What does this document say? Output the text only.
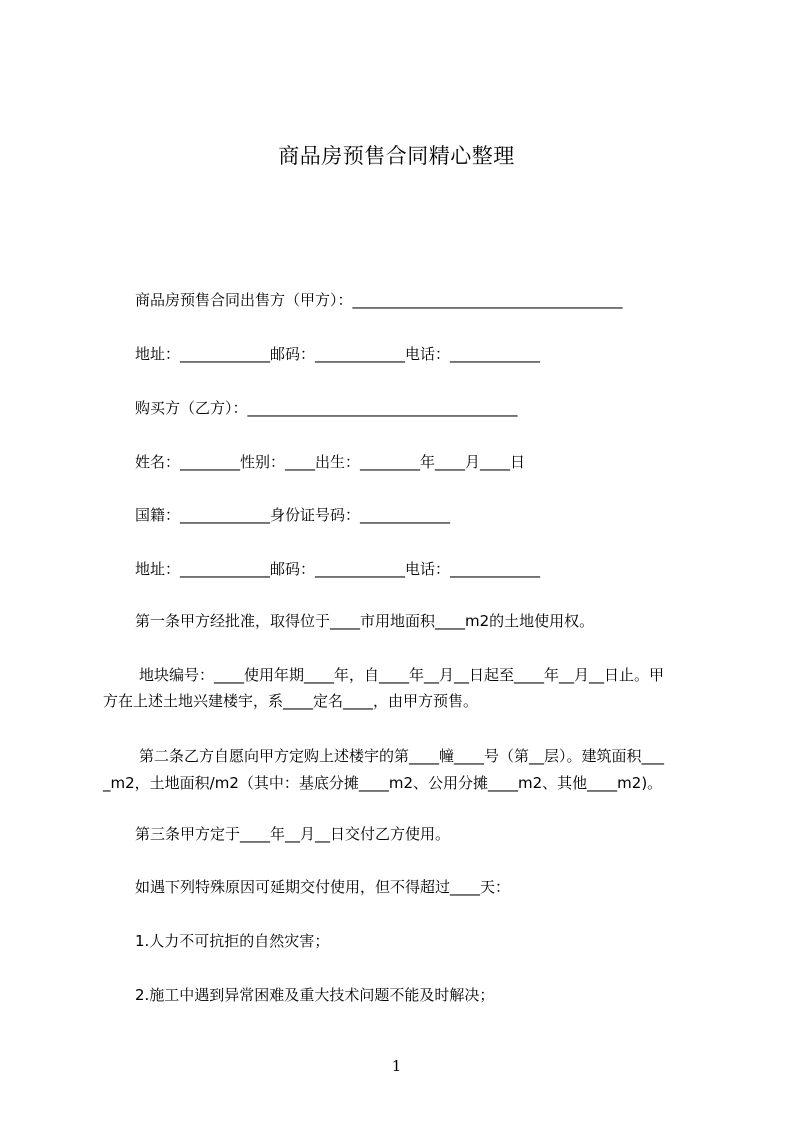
商品房预售合同精心整理
商品房预售合同出售方（甲方）：____________________________________
地址：____________邮码：____________电话：____________
购买方（乙方）：____________________________________
姓名：________性别：____出生：________年____月____日
国籍：____________身份证号码：____________
地址：____________邮码：____________电话：____________
第一条甲方经批准，取得位于____市用地面积____m2的土地使用权。
地块编号：____使用年期____年，自____年__月__日起至____年__月__日止。甲
方在上述土地兴建楼宇，系____定名____，由甲方预售。
第二条乙方自愿向甲方定购上述楼宇的第____幢____号（第__层）。建筑面积___
_m2，土地面积/m2（其中：基底分摊____m2、公用分摊____m2、其他____m2)。
第三条甲方定于____年__月__日交付乙方使用。
如遇下列特殊原因可延期交付使用，但不得超过____天：
1.人力不可抗拒的自然灾害；
2.施工中遇到异常困难及重大技术问题不能及时解决；
1
